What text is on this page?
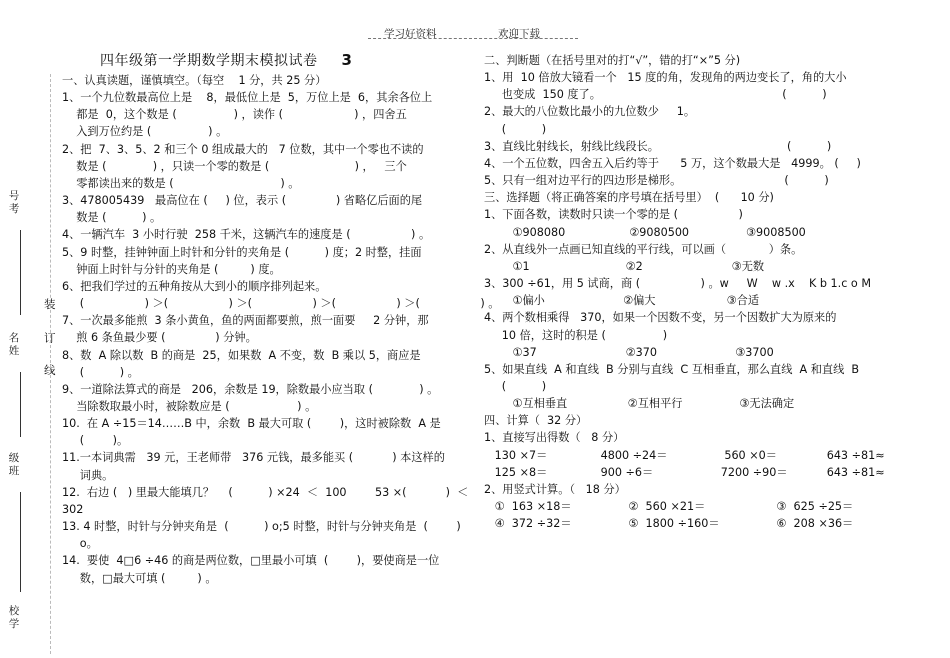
号
考
名
姓
级
班
校
学
装
订
线
学习好资料	欢迎下载
四年级第一学期数学期末模拟试卷 3
一、认真读题，谨慎填空。（每空    1 分，共 25 分）
1、一个九位数最高位上是    8，最低位上是  5，万位上是  6，其余各位上
都是  0，这个数是 (                ) ，读作 (                    ) ，四舍五
入到万位约是 (                ) 。
2、把  7、3、5、2 和三个 0 组成最大的   7 位数，其中一个零也不读的
数是 (             ) ，只读一个零的数是 (                        ) ，   三个
零都读出来的数是 (                              ) 。
3、478005439   最高位在 (     ) 位，表示 (              ) 省略亿后面的尾
数是 (          ) 。
4、一辆汽车  3 小时行驶  258 千米，这辆汽车的速度是 (                 ) 。
5、9 时整，挂钟钟面上时针和分针的夹角是 (          ) 度；2 时整，挂面
钟面上时针与分针的夹角是 (         ) 度。
6、把我们学过的五种角按从大到小的顺序排列起来。
(                 ) ＞(                 ) ＞(                 ) ＞(                 ) ＞(                 ) 。
7、一次最多能煎  3 条小黄鱼，鱼的两面都要煎，煎一面要     2 分钟，那
煎 6 条鱼最少要 (              ) 分钟。
8、数  A 除以数  B 的商是  25，如果数  A 不变，数  B 乘以 5，商应是
(          ) 。
9、一道除法算式的商是   206，余数是 19，除数最小应当取 (             ) 。
当除数取最小时，被除数应是 (                   ) 。
10.  在 A ÷15＝14……B 中，余数  B 最大可取 (        )，这时被除数  A 是
(        )。
11.一本词典需   39 元，王老师带   376 元钱，最多能买 (           ) 本这样的
词典。
12.  右边 (   ) 里最大能填几？    (          ) ×24  ＜  100        53 ×(           )  ＜
302
13. 4 时整，时针与分钟夹角是  (          ) o;5 时整，时针与分钟夹角是  (        )
o。
14.  要使  4□6 ÷46 的商是两位数，□里最小可填  (        )，要使商是一位
数，□最大可填 (         ) 。
二、判断题（在括号里对的打“√”，错的打“×”5 分)
1、用  10 倍放大镜看一个   15 度的角，发现角的两边变长了，角的大小
也变成  150 度了。                                                   (          )
2、最大的八位数比最小的九位数少     1。
(          )
3、直线比射线长，射线比线段长。                                    (          )
4、一个五位数，四舍五入后约等于      5 万，这个数最大是   4999。 (     )
5、只有一组对边平行的四边形是梯形。                             (          )
三、选择题（将正确答案的序号填在括号里）  (      10 分)
1、下面各数，读数时只读一个零的是 (                 )
①908080                  ②9080500                ③9008500
2、从直线外一点画已知直线的平行线，可以画（            ）条。
①1                           ②2                         ③无数
3、300 ÷61，用 5 试商，商 (                 ) 。w     W    w .x    K b 1.c o M
①偏小                      ②偏大                    ③合适
4、两个数相乘得   370，如果一个因数不变，另一个因数扩大为原来的
10 倍，这时的积是 (                )
①37                         ②370                      ③3700
5、如果直线  A 和直线  B 分别与直线  C 互相垂直，那么直线  A 和直线  B
(          )
①互相垂直                 ②互相平行                ③无法确定
四、计算（  32 分）
1、直接写出得数（   8 分）
130 ×7＝               4800 ÷24＝                560 ×0＝              643 ÷81≈
125 ×8＝               900 ÷6＝                   7200 ÷90＝           643 ÷81≈
2、用竖式计算。（   18 分）
①  163 ×18＝                ②  560 ×21＝                    ③  625 ÷25＝
④  372 ÷32＝                ⑤  1800 ÷160＝                ⑥  208 ×36＝
